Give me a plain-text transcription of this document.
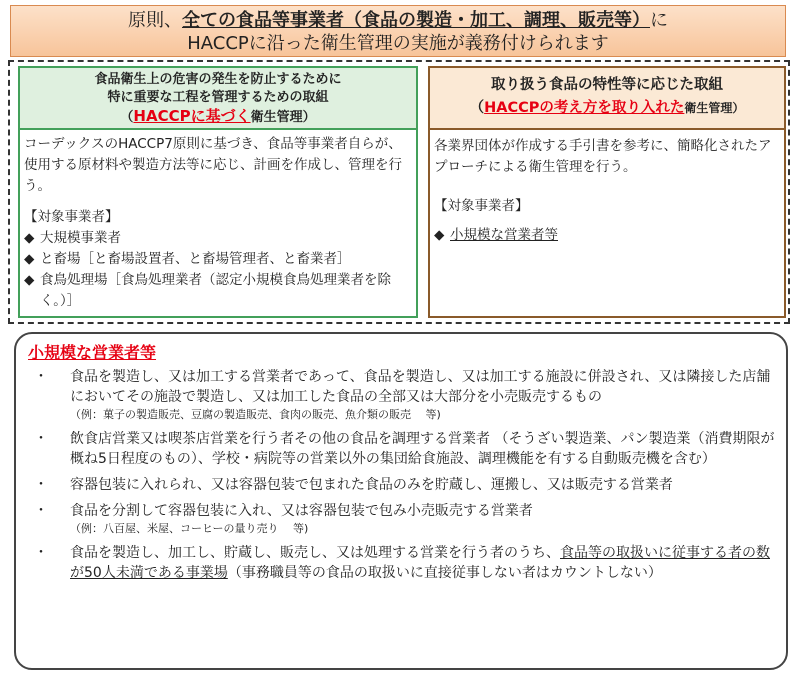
原則、全ての食品等事業者（食品の製造・加工、調理、販売等）に
HACCPに沿った衛生管理の実施が義務付けられます
食品衛生上の危害の発生を防止するために
特に重要な工程を管理するための取組
（HACCPに基づく衛生管理）
コーデックスのHACCP7原則に基づき、食品等事業者自らが、使用する原材料や製造方法等に応じ、計画を作成し、管理を行う。
【対象事業者】
◆ 大規模事業者
◆ と畜場［と畜場設置者、と畜場管理者、と畜業者］
◆ 食鳥処理場［食鳥処理業者（認定小規模食鳥処理業者を除く。）］
取り扱う食品の特性等に応じた取組
（HACCPの考え方を取り入れた衛生管理）
各業界団体が作成する手引書を参考に、簡略化されたアプローチによる衛生管理を行う。
【対象事業者】
◆ 小規模な営業者等
小規模な営業者等
・ 食品を製造し、又は加工する営業者であって、食品を製造し、又は加工する施設に併設され、又は隣接した店舗においてその施設で製造し、又は加工した食品の全部又は大部分を小売販売するもの
（例：菓子の製造販売、豆腐の製造販売、食肉の販売、魚介類の販売　 等)
・ 飲食店営業又は喫茶店営業を行う者その他の食品を調理する営業者 （そうざい製造業、パン製造業（消費期限が概ね5日程度のもの）、学校・病院等の営業以外の集団給食施設、調理機能を有する自動販売機を含む）
・ 容器包装に入れられ、又は容器包装で包まれた食品のみを貯蔵し、運搬し、又は販売する営業者
・ 食品を分割して容器包装に入れ、又は容器包装で包み小売販売する営業者
（例：八百屋、米屋、コーヒーの量り売り　 等)
・ 食品を製造し、加工し、貯蔵し、販売し、又は処理する営業を行う者のうち、食品等の取扱いに従事する者の数が50人未満である事業場（事務職員等の食品の取扱いに直接従事しない者はカウントしない）
